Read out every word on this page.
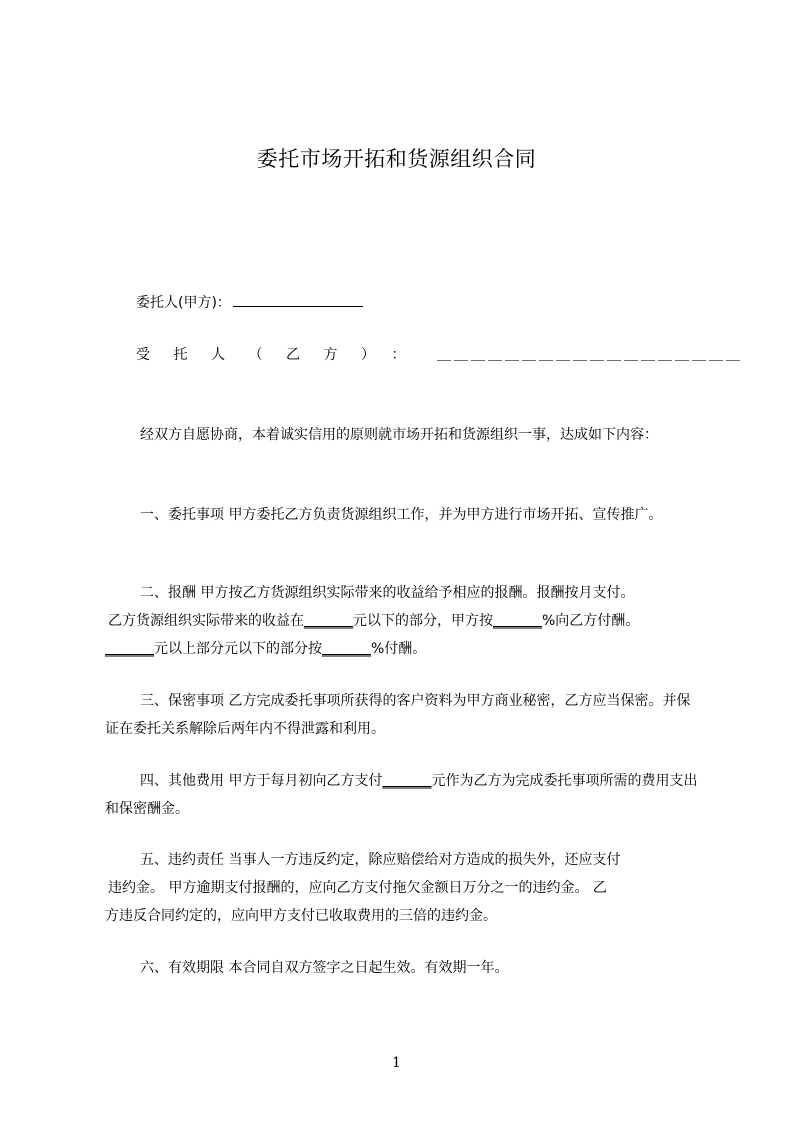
委托市场开拓和货源组织合同
委托人(甲方)：
受托人（乙方）： ＿＿＿＿＿＿＿＿＿＿＿＿＿＿＿＿＿＿

经双方自愿协商，本着诚实信用的原则就市场开拓和货源组织一事，达成如下内容：

一、委托事项 甲方委托乙方负责货源组织工作，并为甲方进行市场开拓、宣传推广。

二、报酬 甲方按乙方货源组织实际带来的收益给予相应的报酬。报酬按月支付。

乙方货源组织实际带来的收益在_______元以下的部分，甲方按_______%向乙方付酬。

_______元以上部分元以下的部分按_______%付酬。

三、保密事项 乙方完成委托事项所获得的客户资料为甲方商业秘密，乙方应当保密。并保证在委托关系解除后两年内不得泄露和利用。

四、其他费用 甲方于每月初向乙方支付_______元作为乙方为完成委托事项所需的费用支出和保密酬金。

五、违约责任 当事人一方违反约定，除应赔偿给对方造成的损失外，还应支付

违约金。 甲方逾期支付报酬的，应向乙方支付拖欠金额日万分之一的违约金。 乙

方违反合同约定的，应向甲方支付已收取费用的三倍的违约金。

六、有效期限 本合同自双方签字之日起生效。有效期一年。

1
